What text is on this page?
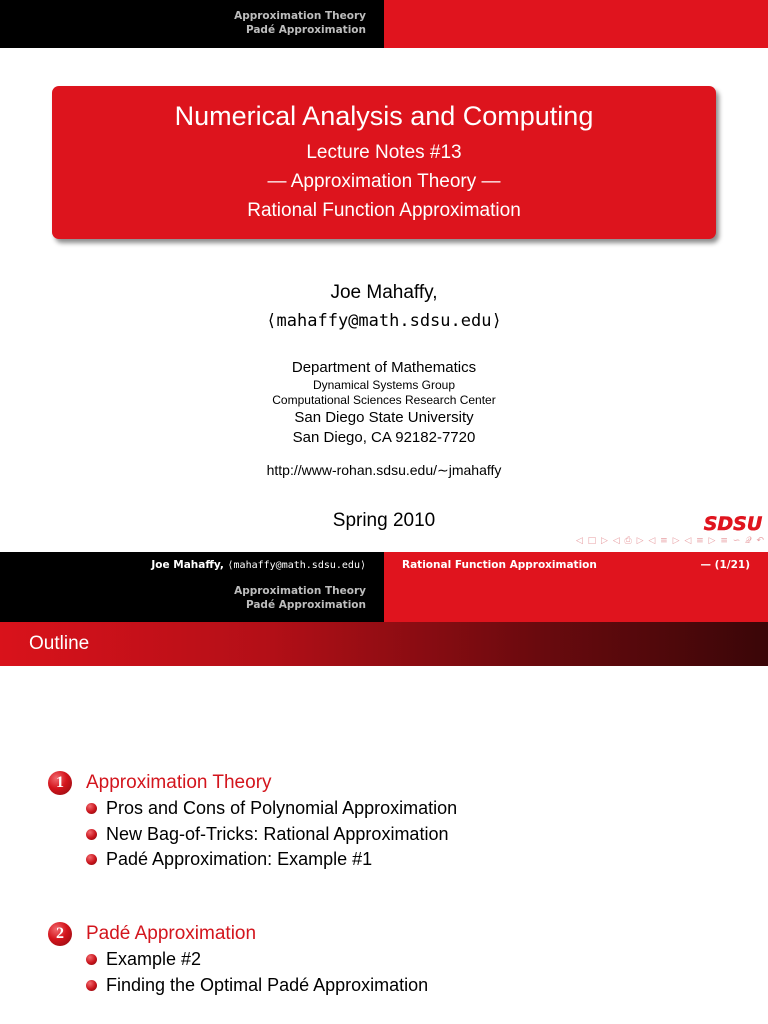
Approximation Theory
Padé Approximation
Numerical Analysis and Computing
Lecture Notes #13
— Approximation Theory —
Rational Function Approximation
Joe Mahaffy,
⟨mahaffy@math.sdsu.edu⟩
Department of Mathematics
Dynamical Systems Group
Computational Sciences Research Center
San Diego State University
San Diego, CA 92182-7720
http://www-rohan.sdsu.edu/∼jmahaffy
Spring 2010	SDSU
◁ □ ▷ ◁ ⎙ ▷ ◁ ≡ ▷ ◁ ≡ ▷ ≡ ∽ 𝒬 ↶
Joe Mahaffy, ⟨mahaffy@math.sdsu.edu⟩	Rational Function Approximation	— (1/21)
Approximation Theory
Padé Approximation
Outline
1	Approximation Theory
Pros and Cons of Polynomial Approximation
New Bag-of-Tricks: Rational Approximation
Padé Approximation: Example #1
2	Padé Approximation
Example #2
Finding the Optimal Padé Approximation
